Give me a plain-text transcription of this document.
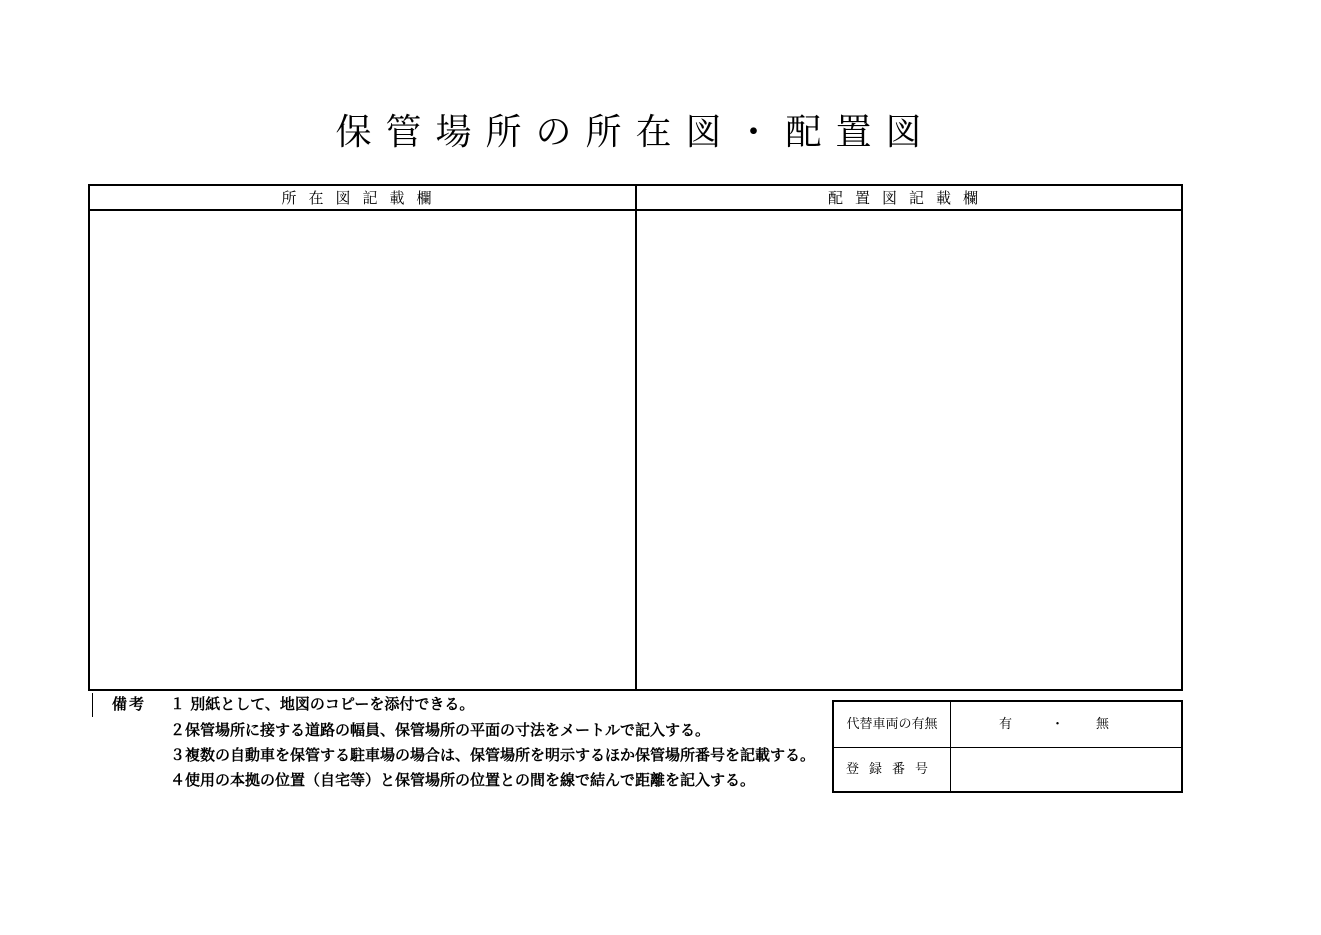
保管場所の所在図・配置図
所在図記載欄	配置図記載欄
備考 １ 別紙として、地図のコピーを添付できる。
２保管場所に接する道路の幅員、保管場所の平面の寸法をメートルで記入する。
３複数の自動車を保管する駐車場の場合は、保管場所を明示するほか保管場所番号を記載する。
４使用の本拠の位置（自宅等）と保管場所の位置との間を線で結んで距離を記入する。
代替車両の有無	有	・ 無
登録番号
